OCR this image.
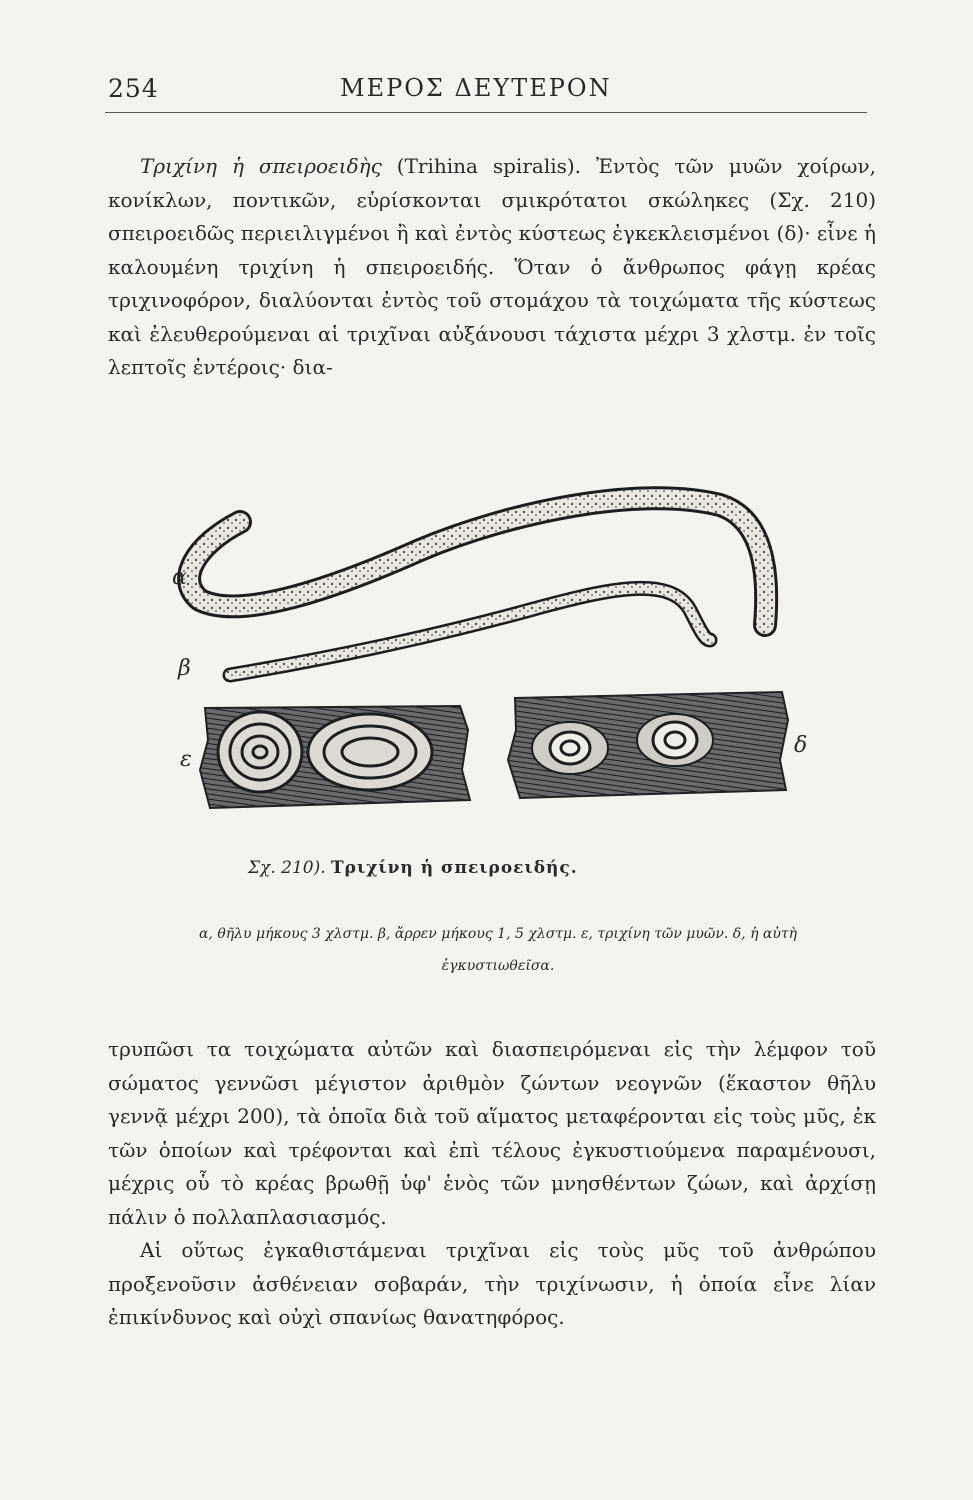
254	ΜΕΡΟΣ ΔΕΥΤΕΡΟΝ

Τριχίνη ἡ σπειροειδὴς (Trihina spiralis). Ἐντὸς τῶν μυῶν χοίρων, κονίκλων, ποντικῶν, εὑρίσκονται σμικρότατοι σκώληκες (Σχ. 210) σπειροειδῶς περιειλιγμένοι ἢ καὶ ἐντὸς κύστεως ἐγκεκλεισμένοι (δ)· εἶνε ἡ καλουμένη τριχίνη ἡ σπειροειδής. Ὅταν ὁ ἄνθρωπος φάγῃ κρέας τριχινοφόρον, διαλύονται ἐντὸς τοῦ στομάχου τὰ τοιχώματα τῆς κύστεως καὶ ἐλευθερούμεναι αἱ τριχῖναι αὐξάνουσι τάχιστα μέχρι 3 χλστμ. ἐν τοῖς λεπτοῖς ἐντέροις· δια-

α
β
ε
δ
Σχ. 210). Τριχίνη ἡ σπειροειδής.
α, θῆλυ μήκους 3 χλστμ. β, ἄρρεν μήκους 1, 5 χλστμ. ε, τριχίνη τῶν μυῶν. δ, ἡ αὐτὴ ἐγκυστιωθεῖσα.

τρυπῶσι τα τοιχώματα αὐτῶν καὶ διασπειρόμεναι εἰς τὴν λέμφον τοῦ σώματος γεννῶσι μέγιστον ἀριθμὸν ζώντων νεογνῶν (ἕκαστον θῆλυ γεννᾷ μέχρι 200), τὰ ὁποῖα διὰ τοῦ αἵματος μεταφέρονται εἰς τοὺς μῦς, ἐκ τῶν ὁποίων καὶ τρέφονται καὶ ἐπὶ τέλους ἐγκυστιούμενα παραμένουσι, μέχρις οὗ τὸ κρέας βρωθῇ ὑφ' ἑνὸς τῶν μνησθέντων ζώων, καὶ ἀρχίσῃ πάλιν ὁ πολλαπλασιασμός.

Αἱ οὕτως ἐγκαθιστάμεναι τριχῖναι εἰς τοὺς μῦς τοῦ ἀνθρώπου προξενοῦσιν ἀσθένειαν σοβαράν, τὴν τριχίνωσιν, ἡ ὁποία εἶνε λίαν ἐπικίνδυνος καὶ οὐχὶ σπανίως θανατηφόρος.
